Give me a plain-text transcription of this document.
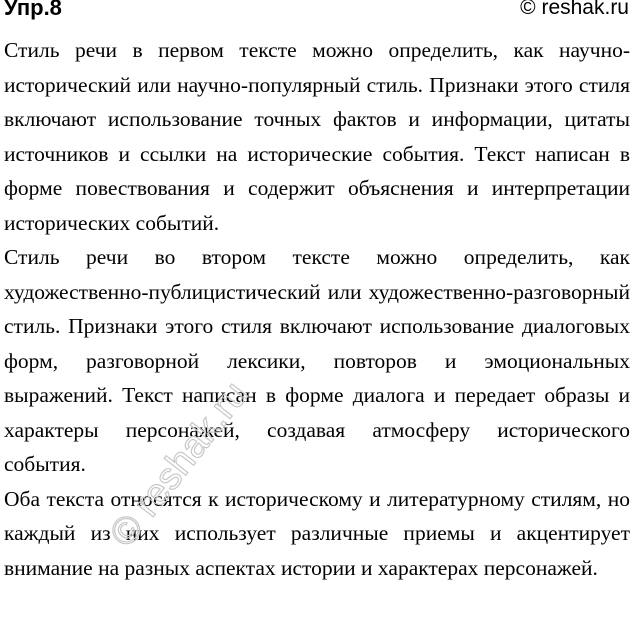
Упр.8	© reshak.ru

Стиль речи в первом тексте можно определить, как научно-исторический или научно-популярный стиль. Признаки этого стиля включают использование точных фактов и информации, цитаты источников и ссылки на исторические события. Текст написан в форме повествования и содержит объяснения и интерпретации исторических событий.

Стиль речи во втором тексте можно определить, как художественно-публицистический или художественно-разговорный стиль. Признаки этого стиля включают использование диалоговых форм, разговорной лексики, повторов и эмоциональных выражений. Текст написан в форме диалога и передает образы и характеры персонажей, создавая атмосферу исторического события.

Оба текста относятся к историческому и литературному стилям, но каждый из них использует различные приемы и акцентирует внимание на разных аспектах истории и характерах персонажей.

© reshak.ru
